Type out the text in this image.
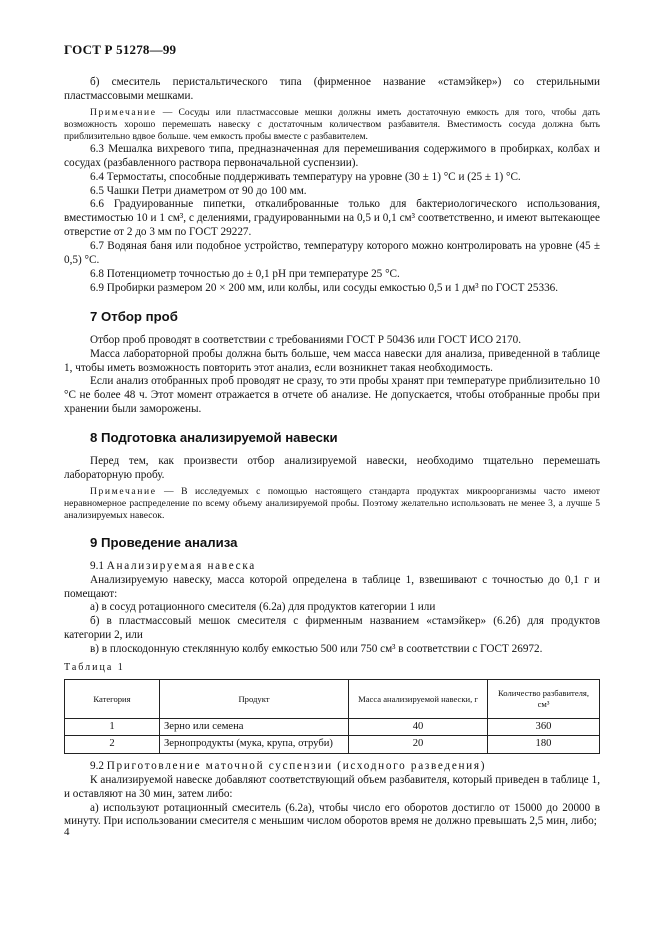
ГОСТ Р 51278—99

б) смеситель перистальтического типа (фирменное название «стамэйкер») со стерильными пластмассовыми мешками.

Примечание — Сосуды или пластмассовые мешки должны иметь достаточную емкость для того, чтобы дать возможность хорошо перемешать навеску с достаточным количеством разбавителя. Вместимость сосуда должна быть приблизительно вдвое больше. чем емкость пробы вместе с разбавителем.

6.3 Мешалка вихревого типа, предназначенная для перемешивания содержимого в пробирках, колбах и сосудах (разбавленного раствора первоначальной суспензии).

6.4 Термостаты, способные поддерживать температуру на уровне (30 ± 1) °С и (25 ± 1) °С.

6.5 Чашки Петри диаметром от 90 до 100 мм.

6.6 Градуированные пипетки, откалиброванные только для бактериологического использования, вместимостью 10 и 1 см³, с делениями, градуированными на 0,5 и 0,1 см³ соответственно, и имеют вытекающее отверстие от 2 до 3 мм по ГОСТ 29227.

6.7 Водяная баня или подобное устройство, температуру которого можно контролировать на уровне (45 ± 0,5) °С.

6.8 Потенциометр точностью до ± 0,1 pH при температуре 25 °С.

6.9 Пробирки размером 20 × 200 мм, или колбы, или сосуды емкостью 0,5 и 1 дм³ по ГОСТ 25336.

7 Отбор проб

Отбор проб проводят в соответствии с требованиями ГОСТ Р 50436 или ГОСТ ИСО 2170.

Масса лабораторной пробы должна быть больше, чем масса навески для анализа, приведенной в таблице 1, чтобы иметь возможность повторить этот анализ, если возникнет такая необходимость.

Если анализ отобранных проб проводят не сразу, то эти пробы хранят при температуре приблизительно 10 °С не более 48 ч. Этот момент отражается в отчете об анализе. Не допускается, чтобы отобранные пробы при хранении были заморожены.

8 Подготовка анализируемой навески

Перед тем, как произвести отбор анализируемой навески, необходимо тщательно перемешать лабораторную пробу.

Примечание — В исследуемых с помощью настоящего стандарта продуктах микроорганизмы часто имеют неравномерное распределение по всему объему анализируемой пробы. Поэтому желательно использовать не менее 3, а лучше 5 анализируемых навесок.

9 Проведение анализа

9.1 Анализируемая навеска

Анализируемую навеску, масса которой определена в таблице 1, взвешивают с точностью до 0,1 г и помещают:

а) в сосуд ротационного смесителя (6.2а) для продуктов категории 1 или

б) в пластмассовый мешок смесителя с фирменным названием «стамэйкер» (6.2б) для продуктов категории 2, или

в) в плоскодонную стеклянную колбу емкостью 500 или 750 см³ в соответствии с ГОСТ 26972.

Таблица 1
Категория	Продукт	Масса анализируемой навески, г	Количество разбавителя, см³
1	Зерно или семена	40	360
2	Зернопродукты (мука, крупа, отруби)	20	180

9.2 Приготовление маточной суспензии (исходного разведения)

К анализируемой навеске добавляют соответствующий объем разбавителя, который приведен в таблице 1, и оставляют на 30 мин, затем либо:

а) используют ротационный смеситель (6.2а), чтобы число его оборотов достигло от 15000 до 20000 в минуту. При использовании смесителя с меньшим числом оборотов время не должно превышать 2,5 мин, либо;

4
